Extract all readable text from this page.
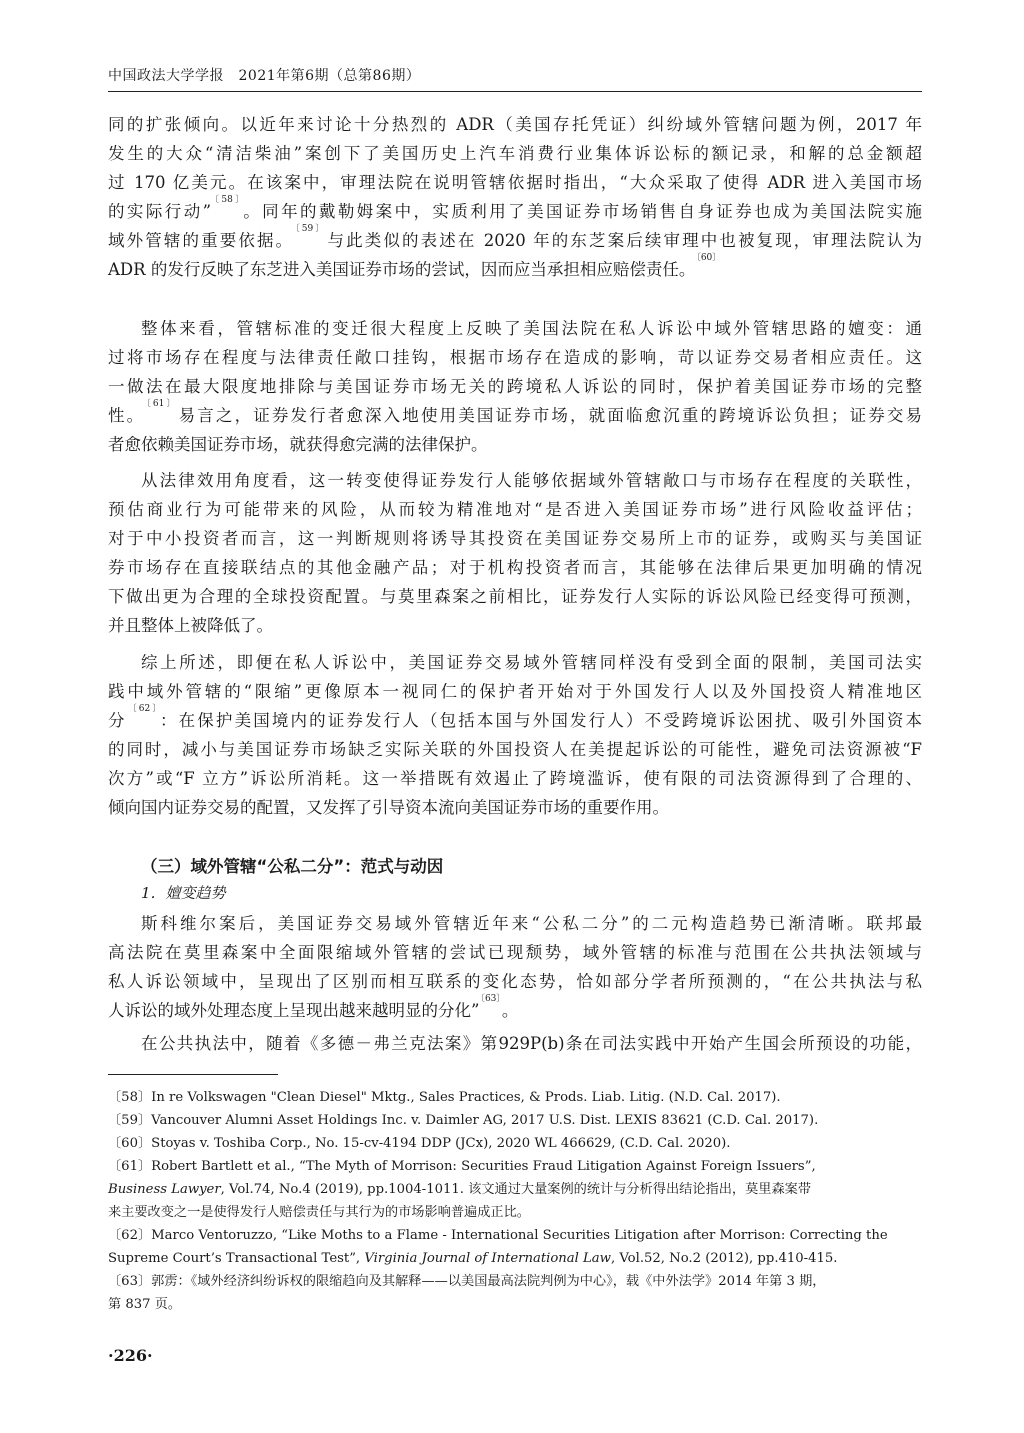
中国政法大学学报　2021年第6期（总第86期）
同的扩张倾向。以近年来讨论十分热烈的 ADR（美国存托凭证）纠纷域外管辖问题为例，2017 年
发生的大众“清洁柴油”案创下了美国历史上汽车消费行业集体诉讼标的额记录，和解的总金额超
过 170 亿美元。在该案中，审理法院在说明管辖依据时指出，“大众采取了使得 ADR 进入美国市场
的实际行动”$^{〔58〕}$。同年的戴勒姆案中，实质利用了美国证券市场销售自身证券也成为美国法院实施
域外管辖的重要依据。$^{〔59〕}$与此类似的表述在 2020 年的东芝案后续审理中也被复现，审理法院认为
ADR 的发行反映了东芝进入美国证券市场的尝试，因而应当承担相应赔偿责任。$^{〔60〕}$
整体来看，管辖标准的变迁很大程度上反映了美国法院在私人诉讼中域外管辖思路的嬗变：通
过将市场存在程度与法律责任敞口挂钩，根据市场存在造成的影响，苛以证券交易者相应责任。这
一做法在最大限度地排除与美国证券市场无关的跨境私人诉讼的同时，保护着美国证券市场的完整
性。$^{〔61〕}$易言之，证券发行者愈深入地使用美国证券市场，就面临愈沉重的跨境诉讼负担；证券交易
者愈依赖美国证券市场，就获得愈完满的法律保护。
从法律效用角度看，这一转变使得证券发行人能够依据域外管辖敞口与市场存在程度的关联性，
预估商业行为可能带来的风险，从而较为精准地对“是否进入美国证券市场”进行风险收益评估；
对于中小投资者而言，这一判断规则将诱导其投资在美国证券交易所上市的证券，或购买与美国证
券市场存在直接联结点的其他金融产品；对于机构投资者而言，其能够在法律后果更加明确的情况
下做出更为合理的全球投资配置。与莫里森案之前相比，证券发行人实际的诉讼风险已经变得可预测，
并且整体上被降低了。
综上所述，即便在私人诉讼中，美国证券交易域外管辖同样没有受到全面的限制，美国司法实
践中域外管辖的“限缩”更像原本一视同仁的保护者开始对于外国发行人以及外国投资人精准地区
分$^{〔62〕}$：在保护美国境内的证券发行人（包括本国与外国发行人）不受跨境诉讼困扰、吸引外国资本
的同时，减小与美国证券市场缺乏实际关联的外国投资人在美提起诉讼的可能性，避免司法资源被“F
次方”或“F 立方”诉讼所消耗。这一举措既有效遏止了跨境滥诉，使有限的司法资源得到了合理的、
倾向国内证券交易的配置，又发挥了引导资本流向美国证券市场的重要作用。
（三）域外管辖“公私二分”：范式与动因
1．嬗变趋势
斯科维尔案后，美国证券交易域外管辖近年来“公私二分”的二元构造趋势已渐清晰。联邦最
高法院在莫里森案中全面限缩域外管辖的尝试已现颓势，域外管辖的标准与范围在公共执法领域与
私人诉讼领域中，呈现出了区别而相互联系的变化态势，恰如部分学者所预测的，“在公共执法与私
人诉讼的域外处理态度上呈现出越来越明显的分化”$^{〔63〕}$。
在公共执法中，随着《多德－弗兰克法案》第929P(b)条在司法实践中开始产生国会所预设的功能，
〔58〕In re Volkswagen "Clean Diesel" Mktg., Sales Practices, & Prods. Liab. Litig. (N.D. Cal. 2017).
〔59〕Vancouver Alumni Asset Holdings Inc. v. Daimler AG, 2017 U.S. Dist. LEXIS 83621 (C.D. Cal. 2017).
〔60〕Stoyas v. Toshiba Corp., No. 15-cv-4194 DDP (JCx), 2020 WL 466629, (C.D. Cal. 2020).
〔61〕Robert Bartlett et al., “The Myth of Morrison: Securities Fraud Litigation Against Foreign Issuers”,
Business Lawyer, Vol.74, No.4 (2019), pp.1004-1011. 该文通过大量案例的统计与分析得出结论指出，莫里森案带
来主要改变之一是使得发行人赔偿责任与其行为的市场影响普遍成正比。
〔62〕Marco Ventoruzzo, “Like Moths to a Flame - International Securities Litigation after Morrison: Correcting the
Supreme Court’s Transactional Test”, Virginia Journal of International Law, Vol.52, No.2 (2012), pp.410-415.
〔63〕郭雳：《域外经济纠纷诉权的限缩趋向及其解释——以美国最高法院判例为中心》，载《中外法学》2014 年第 3 期，
第 837 页。
·226·
